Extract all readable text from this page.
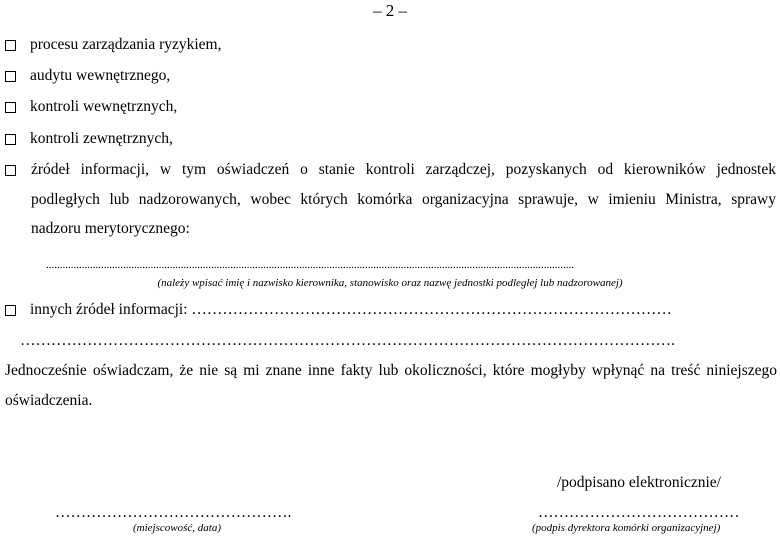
– 2 –
procesu zarządzania ryzykiem,
audytu wewnętrznego,
kontroli wewnętrznych,
kontroli zewnętrznych,
źródeł informacji, w tym oświadczeń o stanie kontroli zarządczej, pozyskanych od kierowników jednostek
podległych lub nadzorowanych, wobec których komórka organizacyjna sprawuje, w imieniu Ministra, sprawy
nadzoru merytorycznego:
................................................................................................................................................................................................
(należy wpisać imię i nazwisko kierownika, stanowisko oraz nazwę jednostki podległej lub nadzorowanej)
innych źródeł informacji: …………………………………………………………………………………
……………………………………………………………………………………………………………….
Jednocześnie oświadczam, że nie są mi znane inne fakty lub okoliczności, które mogłyby wpłynąć na treść niniejszego
oświadczenia.
/podpisano elektronicznie/
……………………………………….
(miejscowość, data)
…………………………………
(podpis dyrektora komórki organizacyjnej)
